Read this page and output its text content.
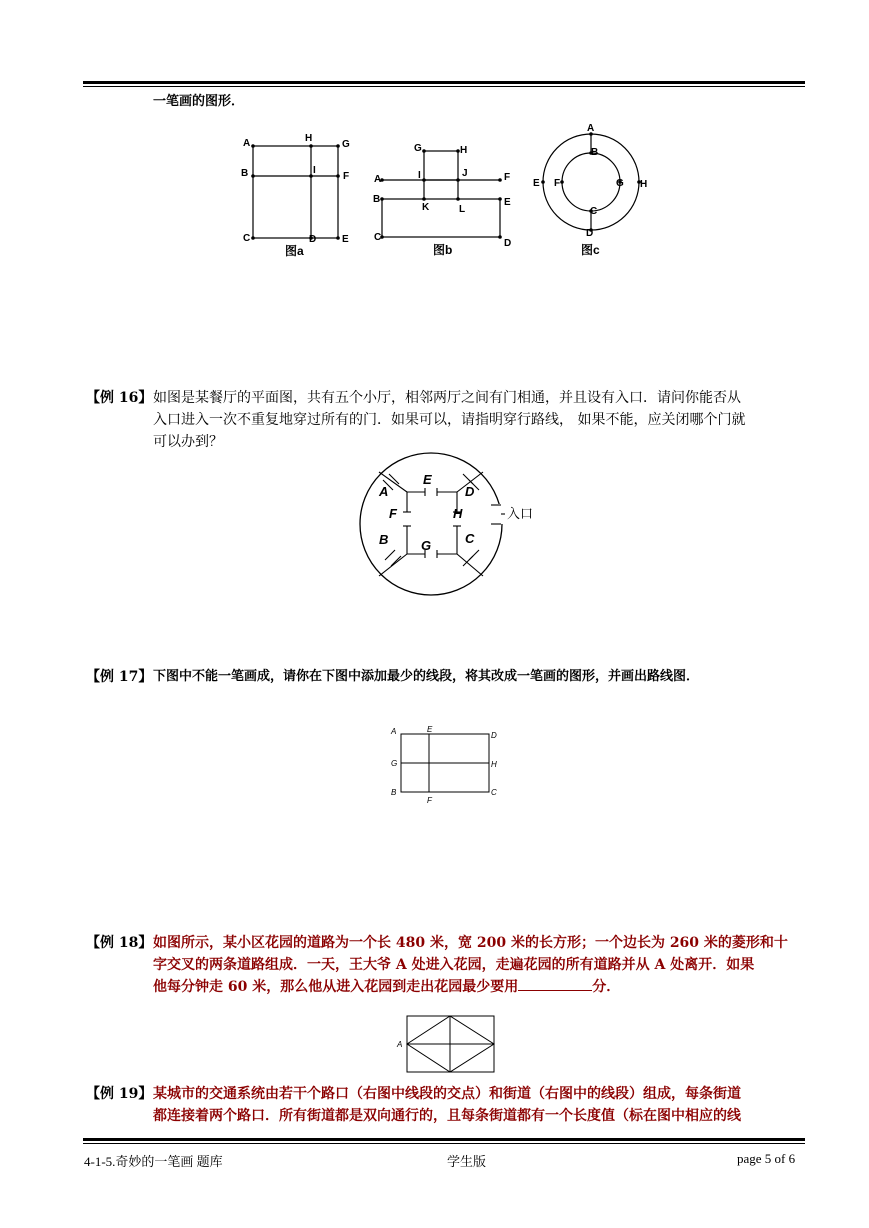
一笔画的图形．
A	H
G
B	I
F
C	D	E
图a
G	H
A	I	J	F
B
K	L
E
C
D
图b
A
B
E F	G H
C
D
图c
【例 16】 如图是某餐厅的平面图，共有五个小厅，相邻两厅之间有门相通，并且设有入口．请问你能否从
入口进入一次不重复地穿过所有的门．如果可以，请指明穿行路线， 如果不能，应关闭哪个门就
可以办到？
A
E
D
F	H
B	G	C
入口
【例 17】 下图中不能一笔画成，请你在下图中添加最少的线段，将其改成一笔画的图形，并画出路线图．
A	E
D
G	H
B
F
C
【例 18】 如图所示，某小区花园的道路为一个长 480 米，宽 200 米的长方形；一个边长为 260 米的菱形和十
字交叉的两条道路组成．一天，王大爷 A 处进入花园，走遍花园的所有道路并从 A 处离开．如果
他每分钟走 60 米，那么他从进入花园到走出花园最少要用	分．
A
【例 19】 某城市的交通系统由若干个路口（右图中线段的交点）和街道（右图中的线段）组成，每条街道
都连接着两个路口．所有街道都是双向通行的，且每条街道都有一个长度值（标在图中相应的线
4-1-5.奇妙的一笔画 题库	学生版	page 5 of 6
